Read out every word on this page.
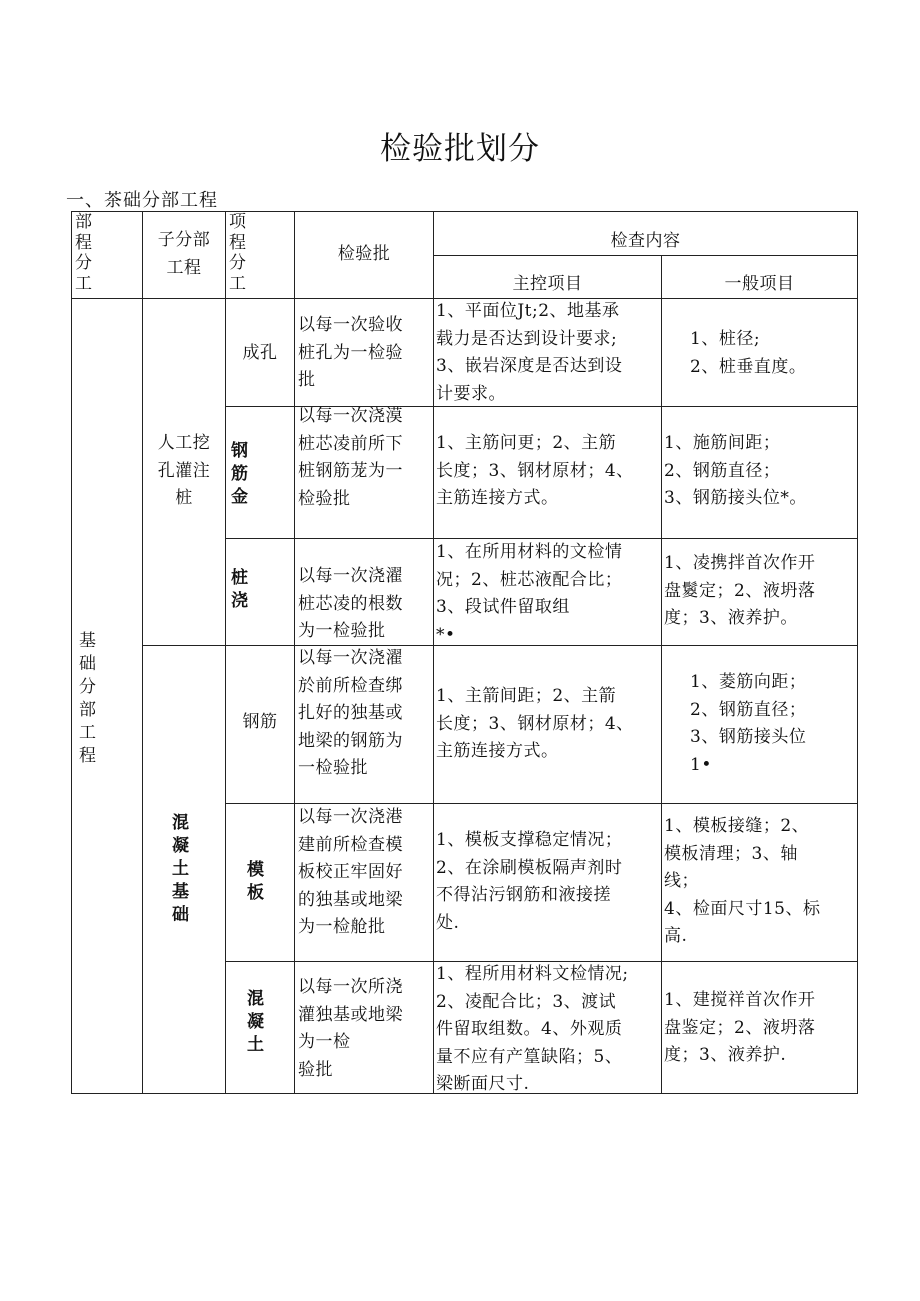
检验批划分
一、茶础分部工程
部
程
分
工
子分部
工程
项
程
分
工
检验批
检查内容
主控项目	一般项目
基
础
分
部
工
程
人工挖
孔灌注
桩
混
凝
土基
础
成孔
以每一次验收
桩孔为一检验
批
1、平面位Jt;2、地基承
载力是否达到设计要求;
3、嵌岩深度是否达到设
计要求。
1、桩径;
2、桩垂直度。
钢
筋
金
以每一次浇漠
桩芯凌前所下
桩钢筋茏为一
检验批
1、主筋问更；2、主筋
长度；3、钢材原材；4、
主筋连接方式。
1、施筋间距；
2、钢筋直径；
3、钢筋接头位*。
桩
浇
以每一次浇濯
桩芯凌的根数
为一检验批
1、在所用材料的文检情
况；2、桩芯液配合比；
3、段试件留取组
*•
1、凌携拌首次作开
盘鬉定；2、液坍落
度；3、液养护。
钢筋
以每一次浇濯
於前所检查绑
扎好的独基或
地梁的钢筋为
一检验批
1、主箭间距；2、主箭
长度；3、钢材原材；4、
主筋连接方式。
1、菱筋向距；
2、钢筋直径；
3、钢筋接头位
1•
模
板
以每一次浇港
建前所检查模
板校正牢固好
的独基或地梁
为一检舱批
1、模板支撑稳定情况；
2、在涂刷模板隔声剂时
不得沾污钢筋和液接搓
处.
1、模板接缝；2、
模板清理；3、轴
线；
4、检面尺寸15、标
高.
混
凝
土
以每一次所浇
灌独基或地梁
为一检
验批
1、程所用材料文检情况;
2、凌配合比；3、渡试
件留取组数。4、外观质
量不应有产篁缺陷；5、
梁断面尺寸.
1、建搅祥首次作开
盘鉴定；2、液坍落
度；3、液养护.
